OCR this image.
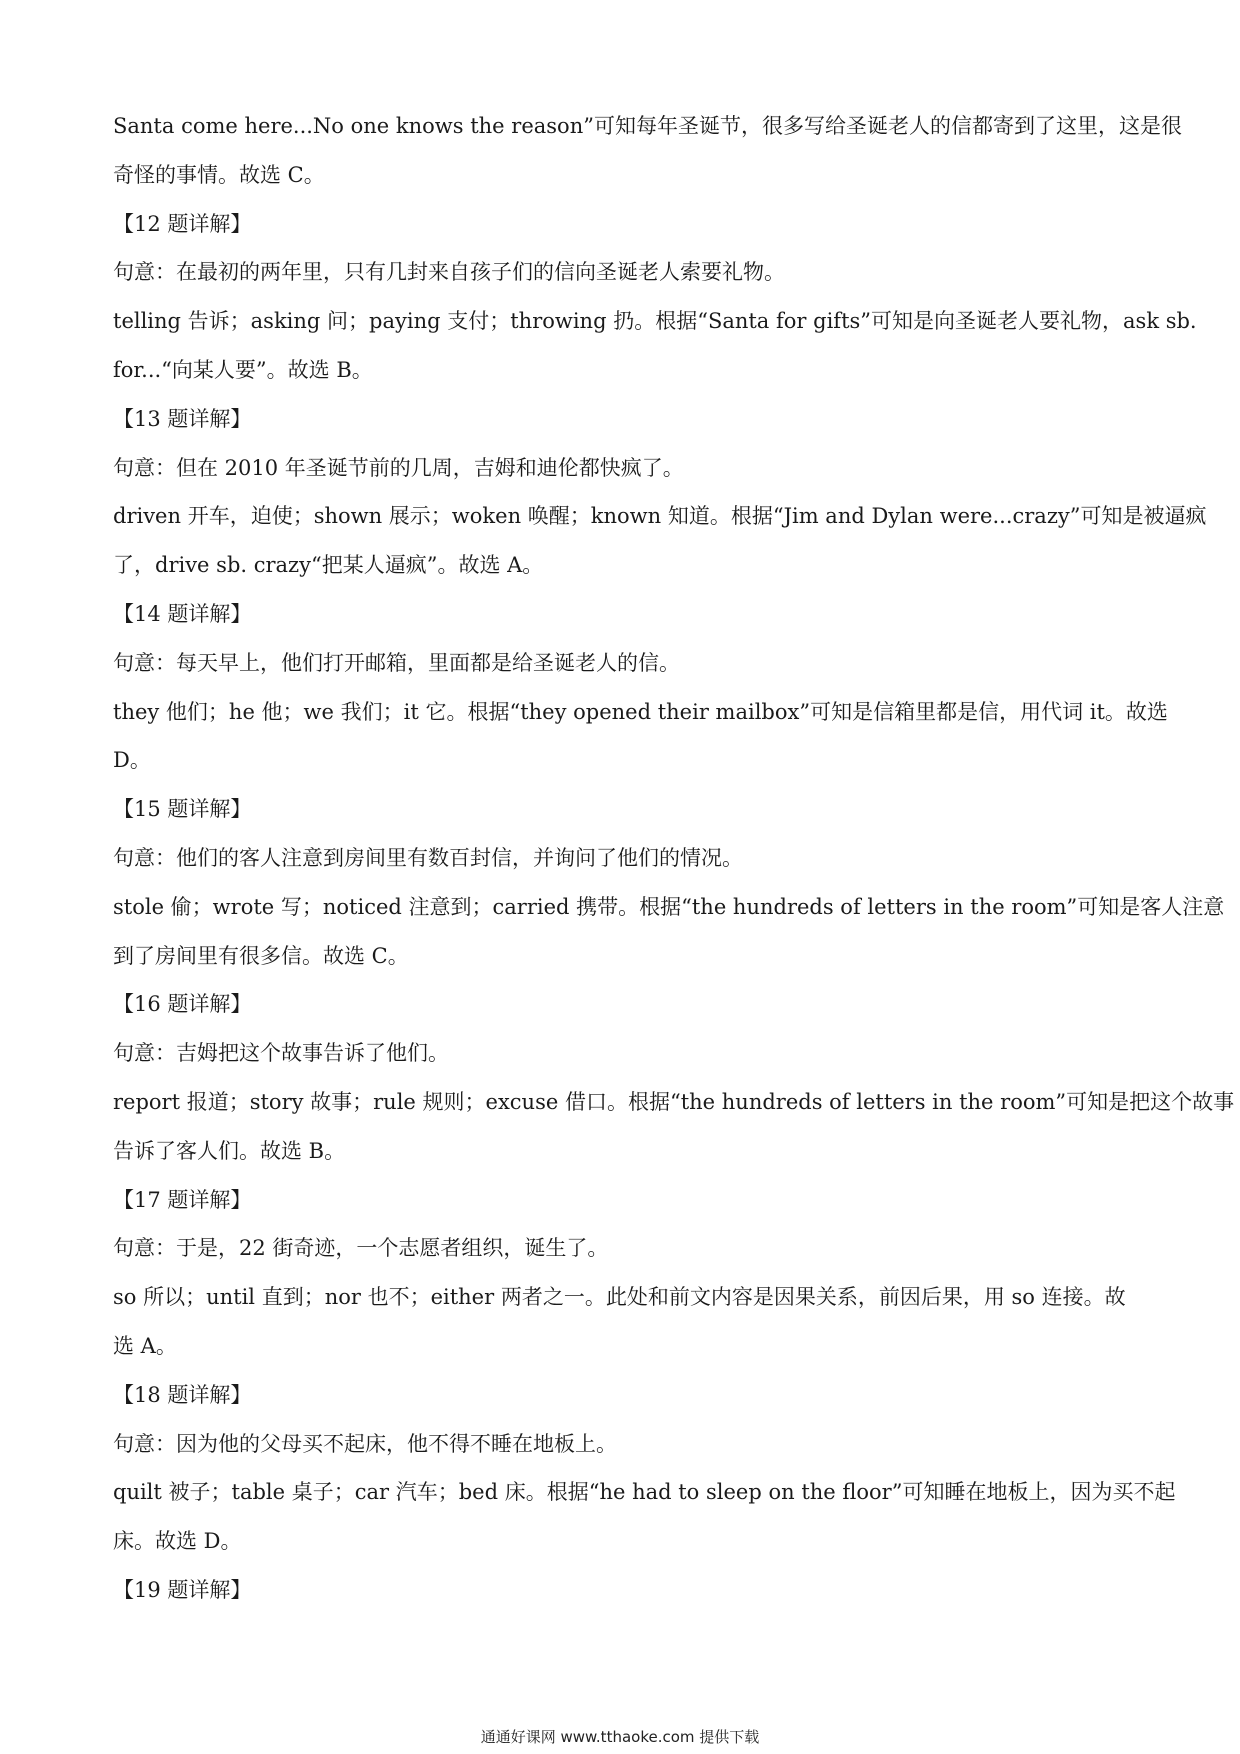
Santa come here...No one knows the reason”可知每年圣诞节，很多写给圣诞老人的信都寄到了这里，这是很
奇怪的事情。故选 C。
【12 题详解】
句意：在最初的两年里，只有几封来自孩子们的信向圣诞老人索要礼物。
telling 告诉；asking 问；paying 支付；throwing 扔。根据“Santa for gifts”可知是向圣诞老人要礼物，ask sb.
for...“向某人要”。故选 B。
【13 题详解】
句意：但在 2010 年圣诞节前的几周，吉姆和迪伦都快疯了。
driven 开车，迫使；shown 展示；woken 唤醒；known 知道。根据“Jim and Dylan were...crazy”可知是被逼疯
了，drive sb. crazy“把某人逼疯”。故选 A。
【14 题详解】
句意：每天早上，他们打开邮箱，里面都是给圣诞老人的信。
they 他们；he 他；we 我们；it 它。根据“they opened their mailbox”可知是信箱里都是信，用代词 it。故选
D。
【15 题详解】
句意：他们的客人注意到房间里有数百封信，并询问了他们的情况。
stole 偷；wrote 写；noticed 注意到；carried 携带。根据“the hundreds of letters in the room”可知是客人注意
到了房间里有很多信。故选 C。
【16 题详解】
句意：吉姆把这个故事告诉了他们。
report 报道；story 故事；rule 规则；excuse 借口。根据“the hundreds of letters in the room”可知是把这个故事
告诉了客人们。故选 B。
【17 题详解】
句意：于是，22 街奇迹，一个志愿者组织，诞生了。
so 所以；until 直到；nor 也不；either 两者之一。此处和前文内容是因果关系，前因后果，用 so 连接。故
选 A。
【18 题详解】
句意：因为他的父母买不起床，他不得不睡在地板上。
quilt 被子；table 桌子；car 汽车；bed 床。根据“he had to sleep on the floor”可知睡在地板上，因为买不起
床。故选 D。
【19 题详解】
通通好课网 www.tthaoke.com 提供下载
